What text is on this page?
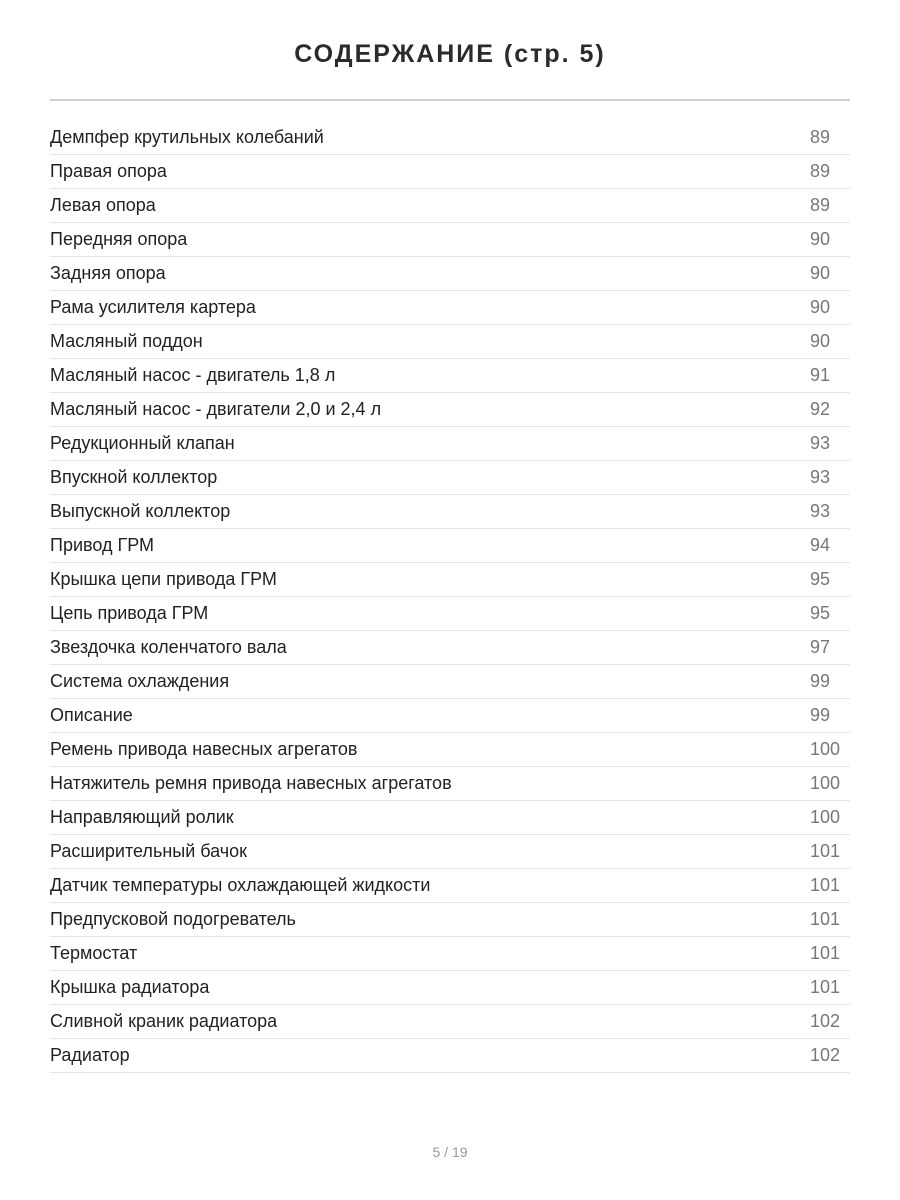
СОДЕРЖАНИЕ (стр. 5)
Демпфер крутильных колебаний	89
Правая опора	89
Левая опора	89
Передняя опора	90
Задняя опора	90
Рама усилителя картера	90
Масляный поддон	90
Масляный насос - двигатель 1,8 л	91
Масляный насос - двигатели 2,0 и 2,4 л	92
Редукционный клапан	93
Впускной коллектор	93
Выпускной коллектор	93
Привод ГРМ	94
Крышка цепи привода ГРМ	95
Цепь привода ГРМ	95
Звездочка коленчатого вала	97
Система охлаждения	99
Описание	99
Ремень привода навесных агрегатов	100
Натяжитель ремня привода навесных агрегатов	100
Направляющий ролик	100
Расширительный бачок	101
Датчик температуры охлаждающей жидкости	101
Предпусковой подогреватель	101
Термостат	101
Крышка радиатора	101
Сливной краник радиатора	102
Радиатор	102
5 / 19
